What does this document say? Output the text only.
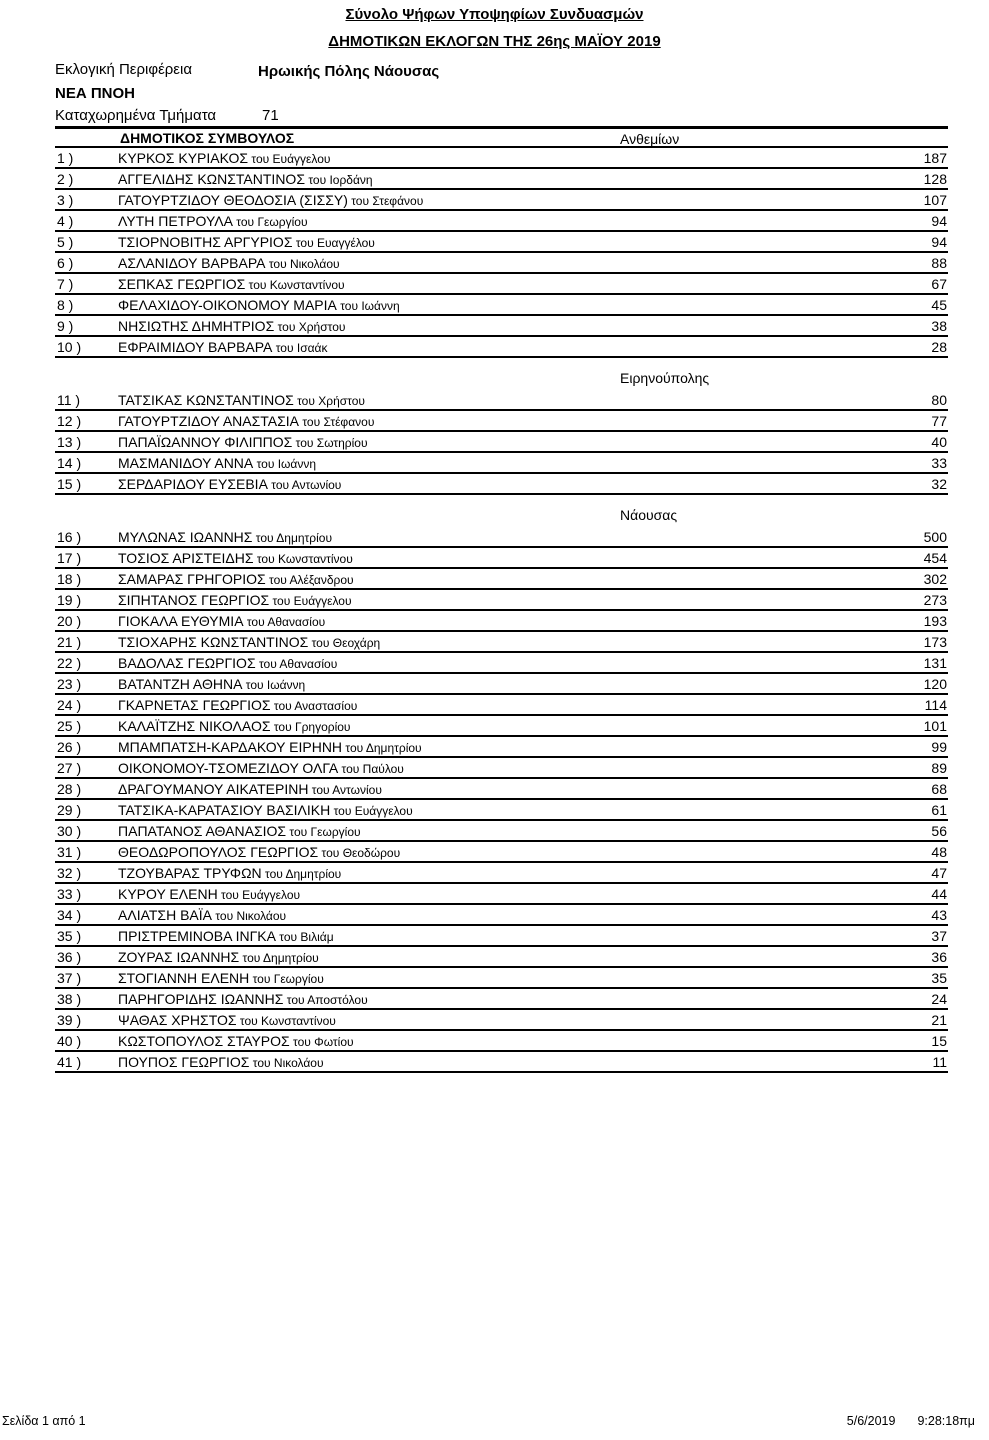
Σύνολο Ψήφων Υποψηφίων Συνδυασμών
ΔΗΜΟΤΙΚΩΝ ΕΚΛΟΓΩΝ ΤΗΣ 26ης ΜΑΪΟΥ 2019
Εκλογική Περιφέρεια	Ηρωικής Πόλης Νάουσας
ΝΕΑ ΠΝΟΗ
Καταχωρημένα Τμήματα	71
ΔΗΜΟΤΙΚΟΣ ΣΥΜΒΟΥΛΟΣ	Ανθεμίων
1 )	ΚΥΡΚΟΣ ΚΥΡΙΑΚΟΣ του Ευάγγελου	187
2 )	ΑΓΓΕΛΙΔΗΣ ΚΩΝΣΤΑΝΤΙΝΟΣ του Ιορδάνη	128
3 )	ΓΑΤΟΥΡΤΖΙΔΟΥ ΘΕΟΔΟΣΙΑ (ΣΙΣΣΥ) του Στεφάνου	107
4 )	ΛΥΤΗ ΠΕΤΡΟΥΛΑ του Γεωργίου	94
5 )	ΤΣΙΟΡΝΟΒΙΤΗΣ ΑΡΓΥΡΙΟΣ του Ευαγγέλου	94
6 )	ΑΣΛΑΝΙΔΟΥ ΒΑΡΒΑΡΑ του Νικολάου	88
7 )	ΣΕΠΚΑΣ ΓΕΩΡΓΙΟΣ του Κωνσταντίνου	67
8 )	ΦΕΛΑΧΙΔΟΥ-ΟΙΚΟΝΟΜΟΥ ΜΑΡΙΑ του Ιωάννη	45
9 )	ΝΗΣΙΩΤΗΣ ΔΗΜΗΤΡΙΟΣ του Χρήστου	38
10 )	ΕΦΡΑΙΜΙΔΟΥ ΒΑΡΒΑΡΑ του Ισαάκ	28
Ειρηνούπολης
11 )	ΤΑΤΣΙΚΑΣ ΚΩΝΣΤΑΝΤΙΝΟΣ του Χρήστου	80
12 )	ΓΑΤΟΥΡΤΖΙΔΟΥ ΑΝΑΣΤΑΣΙΑ του Στέφανου	77
13 )	ΠΑΠΑΪΩΑΝΝΟΥ ΦΙΛΙΠΠΟΣ του Σωτηρίου	40
14 )	ΜΑΣΜΑΝΙΔΟΥ ΑΝΝΑ του Ιωάννη	33
15 )	ΣΕΡΔΑΡΙΔΟΥ ΕΥΣΕΒΙΑ του Αντωνίου	32
Νάουσας
16 )	ΜΥΛΩΝΑΣ ΙΩΑΝΝΗΣ του Δημητρίου	500
17 )	ΤΟΣΙΟΣ ΑΡΙΣΤΕΙΔΗΣ του Κωνσταντίνου	454
18 )	ΣΑΜΑΡΑΣ ΓΡΗΓΟΡΙΟΣ του Αλέξανδρου	302
19 )	ΣΙΠΗΤΑΝΟΣ ΓΕΩΡΓΙΟΣ του Ευάγγελου	273
20 )	ΓΙΟΚΑΛΑ ΕΥΘΥΜΙΑ του Αθανασίου	193
21 )	ΤΣΙΟΧΑΡΗΣ ΚΩΝΣΤΑΝΤΙΝΟΣ του Θεοχάρη	173
22 )	ΒΑΔΟΛΑΣ ΓΕΩΡΓΙΟΣ του Αθανασίου	131
23 )	ΒΑΤΑΝΤΖΗ ΑΘΗΝΑ του Ιωάννη	120
24 )	ΓΚΑΡΝΕΤΑΣ ΓΕΩΡΓΙΟΣ του Αναστασίου	114
25 )	ΚΑΛΑΪΤΖΗΣ ΝΙΚΟΛΑΟΣ του Γρηγορίου	101
26 )	ΜΠΑΜΠΑΤΣΗ-ΚΑΡΔΑΚΟΥ ΕΙΡΗΝΗ του Δημητρίου	99
27 )	ΟΙΚΟΝΟΜΟΥ-ΤΣΟΜΕΖΙΔΟΥ ΟΛΓΑ του Παύλου	89
28 )	ΔΡΑΓΟΥΜΑΝΟΥ ΑΙΚΑΤΕΡΙΝΗ του Αντωνίου	68
29 )	ΤΑΤΣΙΚΑ-ΚΑΡΑΤΑΣΙΟΥ ΒΑΣΙΛΙΚΗ του Ευάγγελου	61
30 )	ΠΑΠΑΤΑΝΟΣ ΑΘΑΝΑΣΙΟΣ του Γεωργίου	56
31 )	ΘΕΟΔΩΡΟΠΟΥΛΟΣ ΓΕΩΡΓΙΟΣ του Θεοδώρου	48
32 )	ΤΖΟΥΒΑΡΑΣ ΤΡΥΦΩΝ του Δημητρίου	47
33 )	ΚΥΡΟΥ ΕΛΕΝΗ του Ευάγγελου	44
34 )	ΑΛΙΑΤΣΗ ΒΑΪΑ του Νικολάου	43
35 )	ΠΡΙΣΤΡΕΜΙΝΟΒΑ ΙΝΓΚΑ του Βιλιάμ	37
36 )	ΖΟΥΡΑΣ ΙΩΑΝΝΗΣ του Δημητρίου	36
37 )	ΣΤΟΓΙΑΝΝΗ ΕΛΕΝΗ του Γεωργίου	35
38 )	ΠΑΡΗΓΟΡΙΔΗΣ ΙΩΑΝΝΗΣ του Αποστόλου	24
39 )	ΨΑΘΑΣ ΧΡΗΣΤΟΣ του Κωνσταντίνου	21
40 )	ΚΩΣΤΟΠΟΥΛΟΣ ΣΤΑΥΡΟΣ του Φωτίου	15
41 )	ΠΟΥΠΟΣ ΓΕΩΡΓΙΟΣ του Νικολάου	11
Σελίδα 1 από 1	5/6/2019 9:28:18πμ
